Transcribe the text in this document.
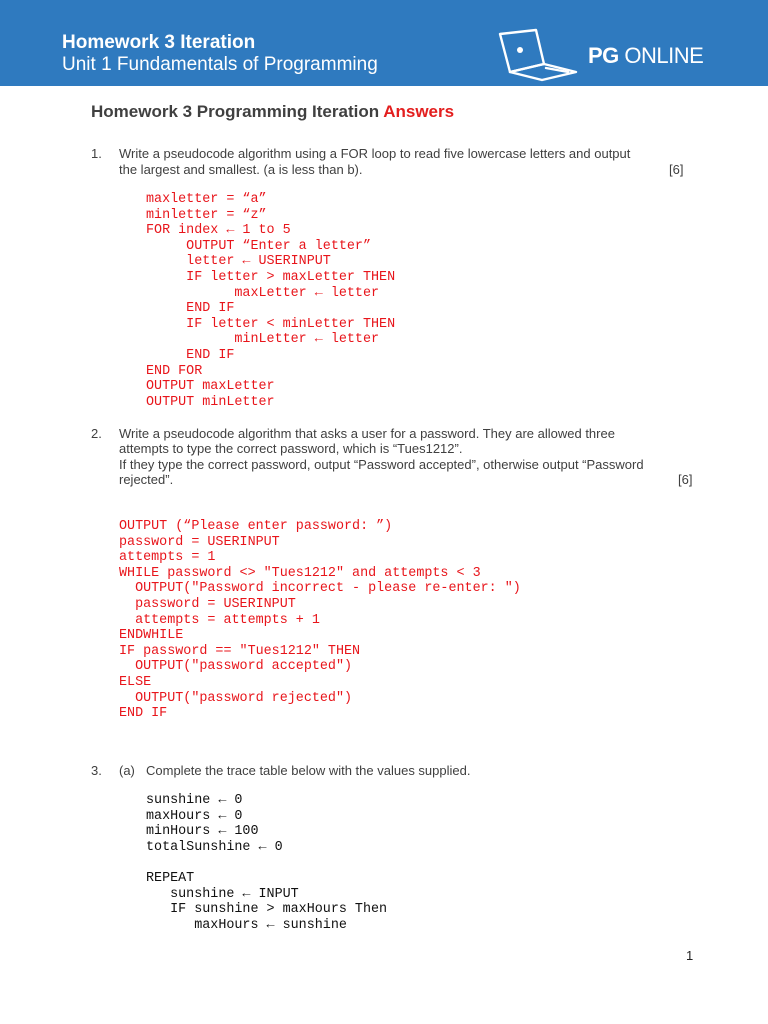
Homework 3 Iteration
Unit 1 Fundamentals of Programming	PG ONLINE
Homework 3 Programming Iteration Answers
1. Write a pseudocode algorithm using a FOR loop to read five lowercase letters and output
the largest and smallest. (a is less than b).	[6]
maxletter = “a”
minletter = “z”
FOR index ← 1 to 5
OUTPUT “Enter a letter”
letter ← USERINPUT
IF letter > maxLetter THEN
maxLetter ← letter
END IF
IF letter < minLetter THEN
minLetter ← letter
END IF
END FOR
OUTPUT maxLetter
OUTPUT minLetter
2. Write a pseudocode algorithm that asks a user for a password. They are allowed three
attempts to type the correct password, which is “Tues1212”.
If they type the correct password, output “Password accepted”, otherwise output “Password
rejected”.	[6]
OUTPUT (“Please enter password: ”)
password = USERINPUT
attempts = 1
WHILE password <> "Tues1212" and attempts < 3
OUTPUT("Password incorrect - please re-enter: ")
password = USERINPUT
attempts = attempts + 1
ENDWHILE
IF password == "Tues1212" THEN
OUTPUT("password accepted")
ELSE
OUTPUT("password rejected")
END IF
3. (a) Complete the trace table below with the values supplied.
sunshine ← 0
maxHours ← 0
minHours ← 100
totalSunshine ← 0

REPEAT
sunshine ← INPUT
IF sunshine > maxHours Then
maxHours ← sunshine
1
